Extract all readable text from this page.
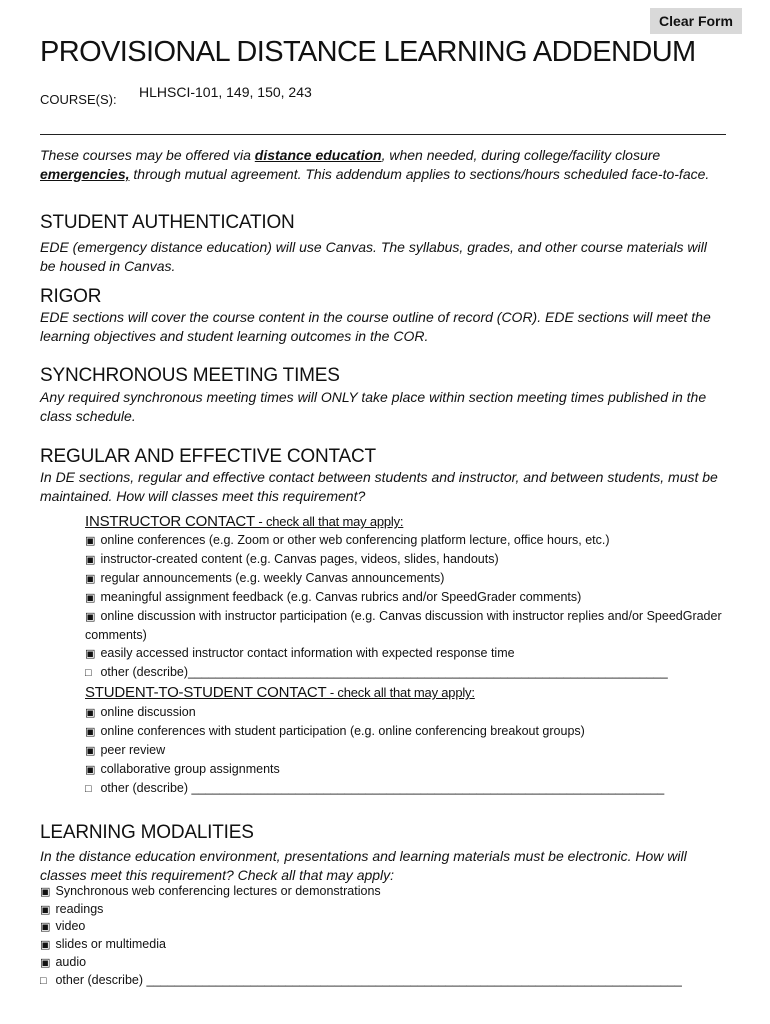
Clear Form
PROVISIONAL DISTANCE LEARNING ADDENDUM
COURSE(S): HLHSCI-101, 149, 150, 243
These courses may be offered via distance education, when needed, during college/facility closure emergencies, through mutual agreement. This addendum applies to sections/hours scheduled face-to-face.
STUDENT AUTHENTICATION
EDE (emergency distance education) will use Canvas. The syllabus, grades, and other course materials will be housed in Canvas.
RIGOR
EDE sections will cover the course content in the course outline of record (COR). EDE sections will meet the learning objectives and student learning outcomes in the COR.
SYNCHRONOUS MEETING TIMES
Any required synchronous meeting times will ONLY take place within section meeting times published in the class schedule.
REGULAR AND EFFECTIVE CONTACT
In DE sections, regular and effective contact between students and instructor, and between students, must be maintained. How will classes meet this requirement?
INSTRUCTOR CONTACT - check all that may apply:
▣ online conferences (e.g. Zoom or other web conferencing platform lecture, office hours, etc.)
▣ instructor-created content (e.g. Canvas pages, videos, slides, handouts)
▣ regular announcements (e.g. weekly Canvas announcements)
▣ meaningful assignment feedback (e.g. Canvas rubrics and/or SpeedGrader comments)
▣ online discussion with instructor participation (e.g. Canvas discussion with instructor replies and/or SpeedGrader comments)
▣ easily accessed instructor contact information with expected response time
□ other (describe)_____________________________________________________________________
STUDENT-TO-STUDENT CONTACT - check all that may apply:
▣ online discussion
▣ online conferences with student participation (e.g. online conferencing breakout groups)
▣ peer review
▣ collaborative group assignments
□ other (describe) ____________________________________________________________________
LEARNING MODALITIES
In the distance education environment, presentations and learning materials must be electronic. How will classes meet this requirement? Check all that may apply:
▣ Synchronous web conferencing lectures or demonstrations
▣ readings
▣ video
▣ slides or multimedia
▣ audio
□ other (describe) _____________________________________________________________________________
